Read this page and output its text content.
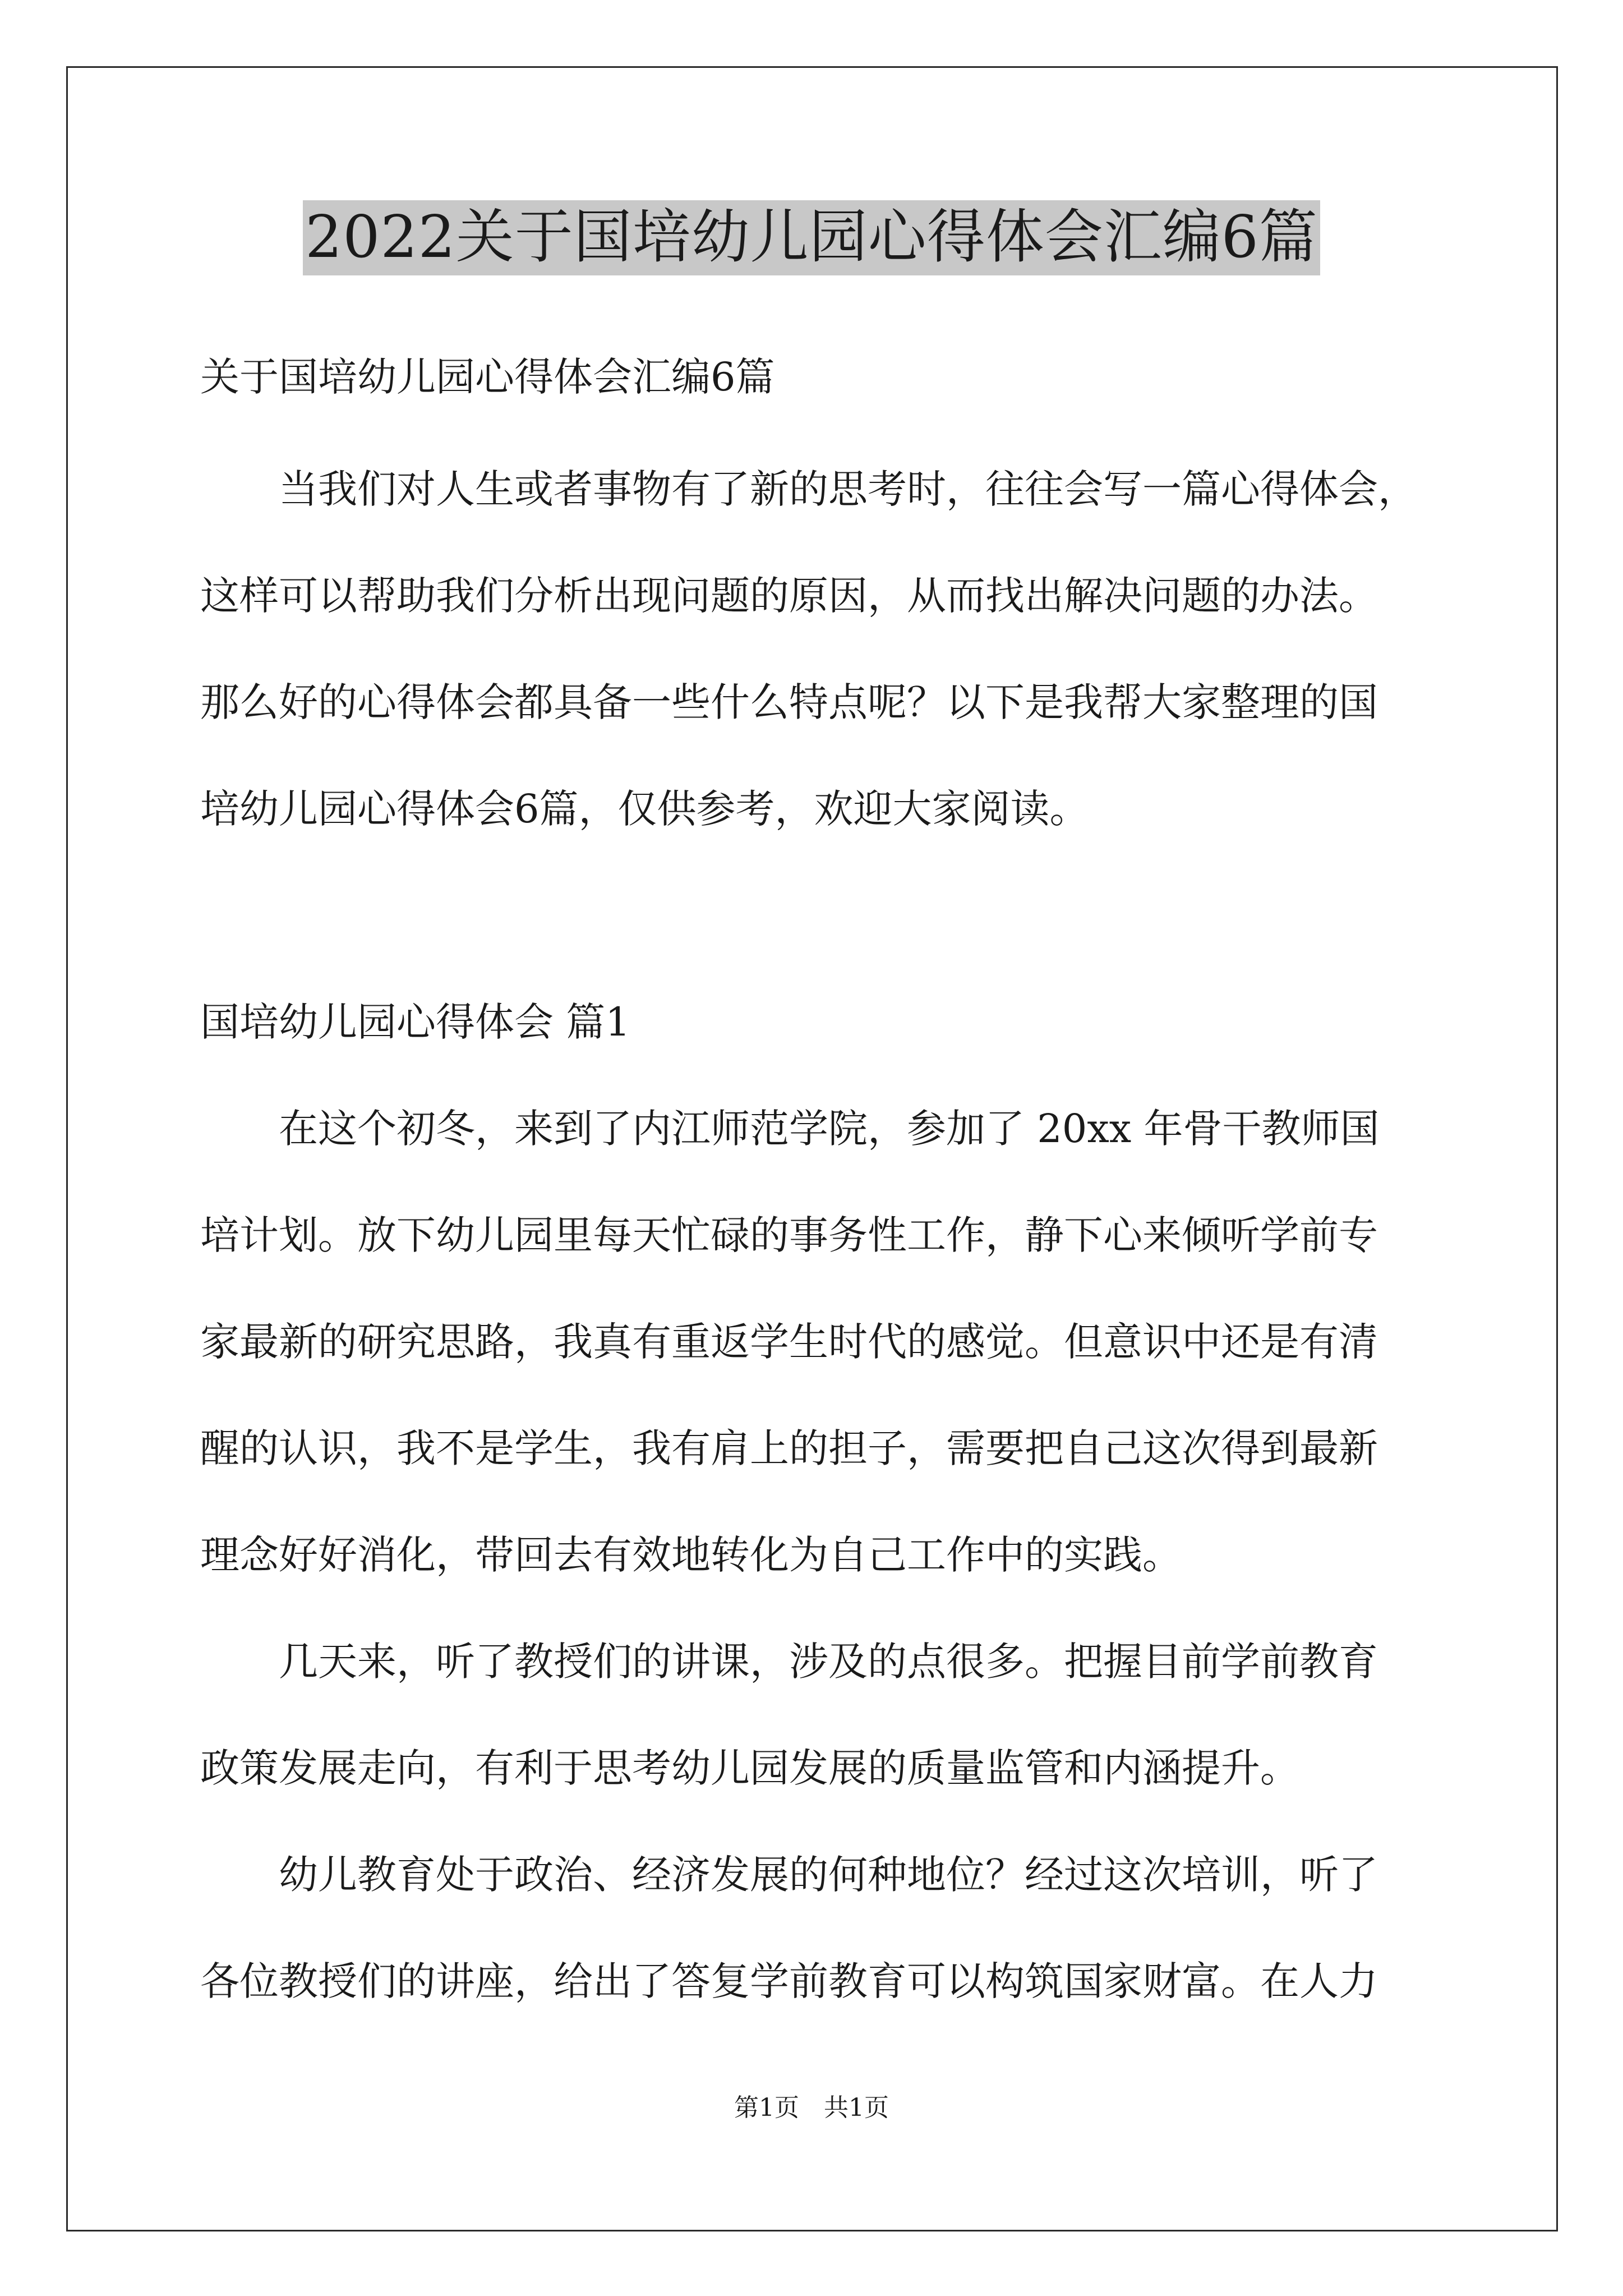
2022关于国培幼儿园心得体会汇编6篇
关于国培幼儿园心得体会汇编6篇
当我们对人生或者事物有了新的思考时，往往会写一篇心得体会，
这样可以帮助我们分析出现问题的原因，从而找出解决问题的办法。
那么好的心得体会都具备一些什么特点呢？以下是我帮大家整理的国
培幼儿园心得体会6篇，仅供参考，欢迎大家阅读。
国培幼儿园心得体会 篇1
在这个初冬，来到了内江师范学院，参加了 20xx 年骨干教师国
培计划。放下幼儿园里每天忙碌的事务性工作，静下心来倾听学前专
家最新的研究思路，我真有重返学生时代的感觉。但意识中还是有清
醒的认识，我不是学生，我有肩上的担子，需要把自己这次得到最新
理念好好消化，带回去有效地转化为自己工作中的实践。
几天来，听了教授们的讲课，涉及的点很多。把握目前学前教育
政策发展走向，有利于思考幼儿园发展的质量监管和内涵提升。
幼儿教育处于政治、经济发展的何种地位？经过这次培训，听了
各位教授们的讲座，给出了答复学前教育可以构筑国家财富。在人力
第1页　共1页
